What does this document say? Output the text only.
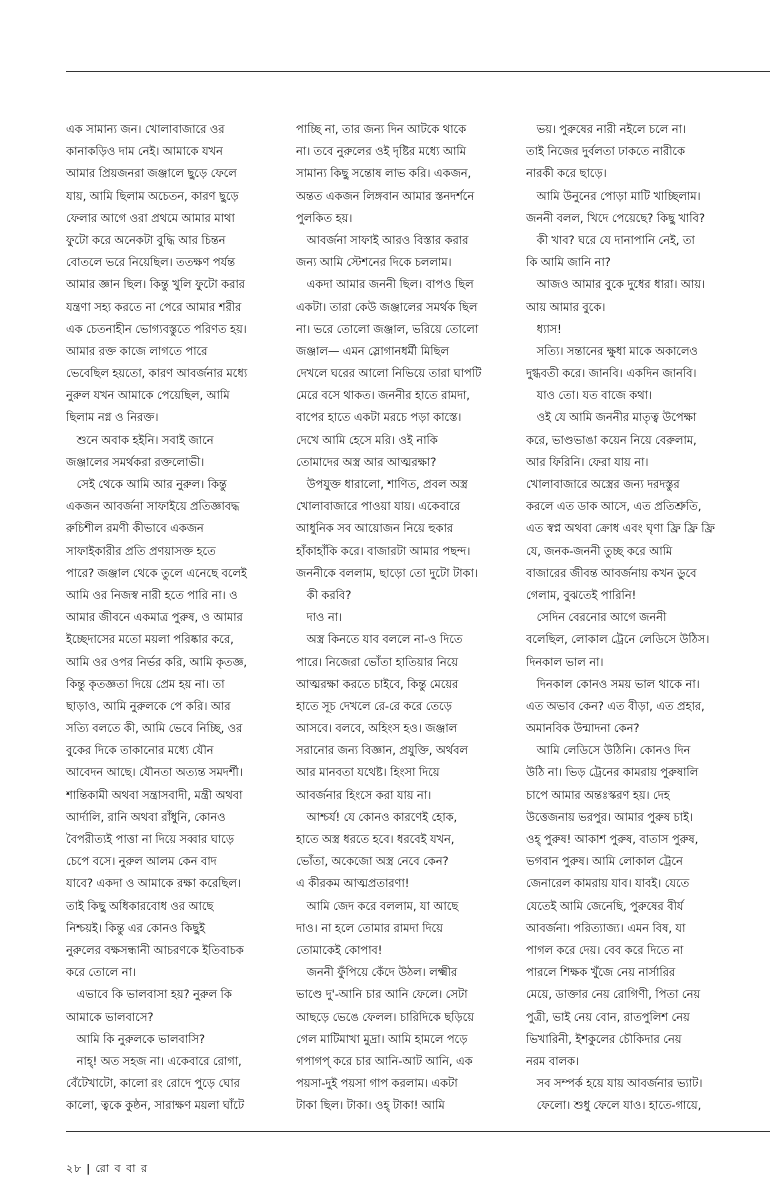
এক সামান্য জন। খোলাবাজারে ওর
কানাকড়িও দাম নেই। আমাকে যখন
আমার প্রিয়জনরা জঞ্জালে ছুড়ে ফেলে
যায়, আমি ছিলাম অচেতন, কারণ ছুড়ে
ফেলার আগে ওরা প্রথমে আমার মাথা
ফুটো করে অনেকটা বুদ্ধি আর চিন্তন
বোতলে ভরে নিয়েছিল। ততক্ষণ পর্যন্ত
আমার জ্ঞান ছিল। কিন্তু খুলি ফুটো করার
যন্ত্রণা সহ্য করতে না পেরে আমার শরীর
এক চেতনাহীন ভোগ্যবস্তুতে পরিণত হয়।
আমার রক্ত কাজে লাগতে পারে
ভেবেছিল হয়তো, কারণ আবর্জনার মধ্যে
নুরুল যখন আমাকে পেয়েছিল, আমি
ছিলাম নগ্ন ও নিরক্ত।
শুনে অবাক হইনি। সবাই জানে
জঞ্জালের সমর্থকরা রক্তলোভী।
সেই থেকে আমি আর নুরুল। কিন্তু
একজন আবর্জনা সাফাইয়ে প্রতিজ্ঞাবদ্ধ
রুচিশীল রমণী কীভাবে একজন
সাফাইকারীর প্রতি প্রণয়াসক্ত হতে
পারে? জঞ্জাল থেকে তুলে এনেছে বলেই
আমি ওর নিজস্ব নারী হতে পারি না। ও
আমার জীবনে একমাত্র পুরুষ, ও আমার
ইচ্ছেদাসের মতো ময়লা পরিষ্কার করে,
আমি ওর ওপর নির্ভর করি, আমি কৃতজ্ঞ,
কিন্তু কৃতজ্ঞতা দিয়ে প্রেম হয় না। তা
ছাড়াও, আমি নুরুলকে পে করি। আর
সত্যি বলতে কী, আমি ভেবে নিচ্ছি, ওর
বুকের দিকে তাকানোর মধ্যে যৌন
আবেদন আছে। যৌনতা অত্যন্ত সমদর্শী।
শান্তিকামী অথবা সন্ত্রাসবাদী, মন্ত্রী অথবা
আর্দালি, রানি অথবা রাঁধুনি, কোনও
বৈপরীত্যই পাত্তা না দিয়ে সব্বার ঘাড়ে
চেপে বসে। নুরুল আলম কেন বাদ
যাবে? একদা ও আমাকে রক্ষা করেছিল।
তাই কিছু অধিকারবোধ ওর আছে
নিশ্চয়ই। কিন্তু এর কোনও কিছুই
নুরুলের বক্ষসন্ধানী আচরণকে ইতিবাচক
করে তোলে না।
এভাবে কি ভালবাসা হয়? নুরুল কি
আমাকে ভালবাসে?
আমি কি নুরুলকে ভালবাসি?
নাহ্! অত সহজ না। একেবারে রোগা,
বেঁটেখাটো, কালো রং রোদে পুড়ে ঘোর
কালো, ত্বকে কুষ্ঠন, সারাক্ষণ ময়লা ঘাঁটে
পাচ্ছি না, তার জন্য দিন আটকে থাকে
না। তবে নুরুলের ওই দৃষ্টির মধ্যে আমি
সামান্য কিছু সন্তোষ লাভ করি। একজন,
অন্তত একজন লিঙ্গবান আমার স্তনদর্শনে
পুলকিত হয়।
আবর্জনা সাফাই আরও বিস্তার করার
জন্য আমি স্টেশনের দিকে চললাম।
একদা আমার জননী ছিল। বাপও ছিল
একটা। তারা কেউ জঞ্জালের সমর্থক ছিল
না। ভরে তোলো জঞ্জাল, ভরিয়ে তোলো
জঞ্জাল— এমন স্লোগানধর্মী মিছিল
দেখলে ঘরের আলো নিভিয়ে তারা ঘাপটি
মেরে বসে থাকত। জননীর হাতে রামদা,
বাপের হাতে একটা মরচে পড়া কাস্তে।
দেখে আমি হেসে মরি। ওই নাকি
তোমাদের অস্ত্র আর আত্মরক্ষা?
উপযুক্ত ধারালো, শাণিত, প্রবল অস্ত্র
খোলাবাজারে পাওয়া যায়। একেবারে
আধুনিক সব আয়োজন নিয়ে হুকার
হাঁকাহাঁকি করে। বাজারটা আমার পছন্দ।
জননীকে বললাম, ছাড়ো তো দুটো টাকা।
কী করবি?
দাও না।
অস্ত্র কিনতে যাব বললে না-ও দিতে
পারে। নিজেরা ভোঁতা হাতিয়ার নিয়ে
আত্মরক্ষা করতে চাইবে, কিন্তু মেয়ের
হাতে সূচ দেখলে রে-রে করে তেড়ে
আসবে। বলবে, অহিংস হও। জঞ্জাল
সরানোর জন্য বিজ্ঞান, প্রযুক্তি, অর্থবল
আর মানবতা যথেষ্ট। হিংসা দিয়ে
আবর্জনার হিংসে করা যায় না।
আশ্চর্য! যে কোনও কারণেই হোক,
হাতে অস্ত্র ধরতে হবে। ধরবেই যখন,
ভোঁতা, অকেজো অস্ত্র নেবে কেন?
এ কীরকম আত্মপ্রতারণা!
আমি জেদ করে বললাম, যা আছে
দাও। না হলে তোমার রামদা দিয়ে
তোমাকেই কোপাব!
জননী ফুঁপিয়ে কেঁদে উঠল। লক্ষ্মীর
ভাণ্ডে দু'-আনি চার আনি ফেলে। সেটা
আছড়ে ভেঙে ফেলল। চারিদিকে ছড়িয়ে
গেল মাটিমাখা মুদ্রা। আমি হামলে পড়ে
গপাগপ্ করে চার আনি-আট আনি, এক
পয়সা-দুই পয়সা গাপ করলাম। একটা
টাকা ছিল। টাকা। ওহ্ টাকা! আমি
ভয়। পুরুষের নারী নইলে চলে না।
তাই নিজের দুর্বলতা ঢাকতে নারীকে
নারকী করে ছাড়ে।
আমি উনুনের পোড়া মাটি খাচ্ছিলাম।
জননী বলল, খিদে পেয়েছে? কিছু খাবি?
কী খাব? ঘরে যে দানাপানি নেই, তা
কি আমি জানি না?
আজও আমার বুকে দুধের ধারা। আয়।
আয় আমার বুকে।
ধ্যাস!
সত্যি। সন্তানের ক্ষুধা মাকে অকালেও
দুগ্ধবতী করে। জানবি। একদিন জানবি।
যাও তো। যত বাজে কথা।
ওই যে আমি জননীর মাতৃত্ব উপেক্ষা
করে, ভাণ্ডভাঙা কয়েন নিয়ে বেরুলাম,
আর ফিরিনি। ফেরা যায় না।
খোলাবাজারে অস্ত্রের জন্য দরদস্তুর
করলে এত ডাক আসে, এত প্রতিশ্রুতি,
এত স্বপ্ন অথবা ক্রোধ এবং ঘৃণা ফ্রি ফ্রি ফ্রি
যে, জনক-জননী তুচ্ছ করে আমি
বাজারের জীবন্ত আবর্জনায় কখন ডুবে
গেলাম, বুঝতেই পারিনি!
সেদিন বেরনোর আগে জননী
বলেছিল, লোকাল ট্রেনে লেডিসে উঠিস।
দিনকাল ভাল না।
দিনকাল কোনও সময় ভাল থাকে না।
এত অভাব কেন? এত বীড়া, এত প্রহার,
অমানবিক উন্মাদনা কেন?
আমি লেডিসে উঠিনি। কোনও দিন
উঠি না। ভিড় ট্রেনের কামরায় পুরুষালি
চাপে আমার অন্তঃস্করণ হয়। দেহ
উত্তেজনায় ভরপুর। আমার পুরুষ চাই।
ওহ্ পুরুষ! আকাশ পুরুষ, বাতাস পুরুষ,
ভগবান পুরুষ। আমি লোকাল ট্রেনে
জেনারেল কামরায় যাব। যাবই। যেতে
যেতেই আমি জেনেছি, পুরুষের বীর্য
আবর্জনা। পরিত্যাজ্য। এমন বিষ, যা
পাগল করে দেয়। বেব করে দিতে না
পারলে শিক্ষক খুঁজে নেয় নার্সারির
মেয়ে, ডাক্তার নেয় রোগিণী, পিতা নেয়
পুত্রী, ভাই নেয় বোন, রাতপুলিশ নেয়
ভিখারিনী, ইশকুলের চৌকিদার নেয়
নরম বালক।
সব সম্পর্ক হয়ে যায় আবর্জনার ভ্যাট।
ফেলো। শুধু ফেলে যাও। হাতে-গায়ে,
২৮ | রো ব বা র
